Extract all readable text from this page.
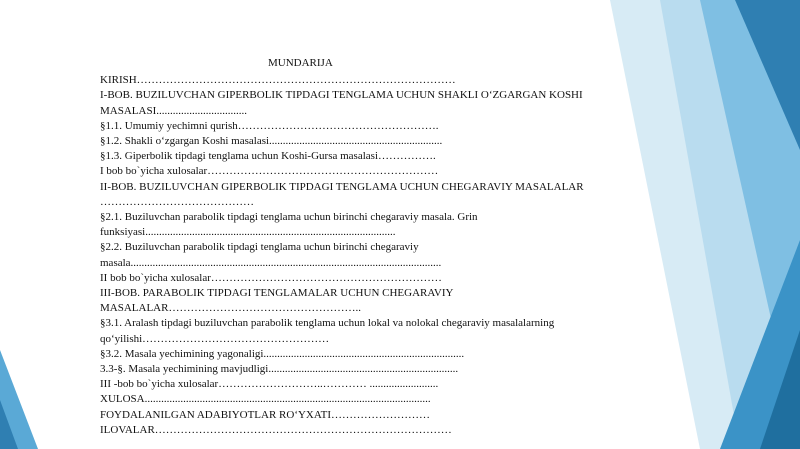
MUNDARIJA
KIRISH……………………………………………………………………………
I-BOB. BUZILUVCHAN GIPERBOLIK TIPDAGI TENGLAMA UCHUN SHAKLI O‘ZGARGAN KOSHI
MASALASI.................................
§1.1. Umumiy yechimni qurish……………………………………………….
§1.2. Shakli o‘zgargan Koshi masalasi...............................................................
§1.3. Giperbolik tipdagi tenglama uchun Koshi-Gursa masalasi…………….
I bob bo`yicha xulosalar………………………………………………………
II-BOB. BUZILUVCHAN GIPERBOLIK TIPDAGI TENGLAMA UCHUN CHEGARAVIY MASALALAR
……………………………………
§2.1. Buziluvchan parabolik tipdagi tenglama uchun birinchi chegaraviy masala. Grin
funksiyasi...........................................................................................
§2.2. Buziluvchan parabolik tipdagi tenglama uchun birinchi chegaraviy
masala.................................................................................................................
II bob bo`yicha xulosalar………………………………………………………
III-BOB. PARABOLIK TIPDAGI TENGLAMALAR UCHUN CHEGARAVIY
MASALALAR……………………………………………..
§3.1. Aralash tipdagi buziluvchan parabolik tenglama uchun lokal va nolokal chegaraviy masalalarning
qo‘yilishi……………………………………………
§3.2. Masala yechimining yagonaligi.........................................................................
3.3-§. Masala yechimining mavjudligi.....................................................................
III -bob bo`yicha xulosalar………………………..………… .........................
XULOSA........................................................................................................
FOYDALANILGAN ADABIYOTLAR RO‘YXATI………………………
ILOVALAR………………………………………………………………………
